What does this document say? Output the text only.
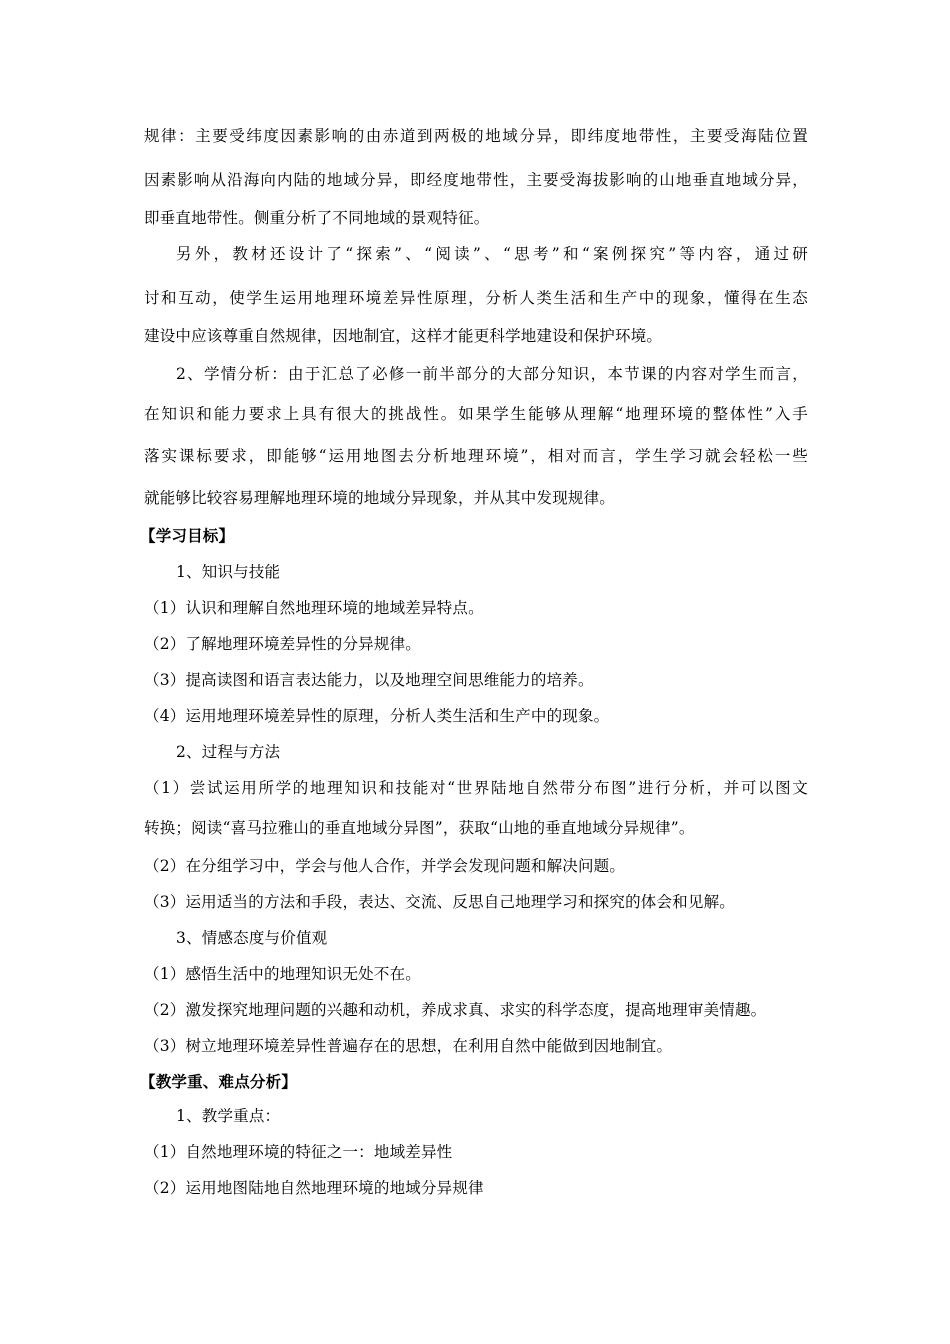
规律：主要受纬度因素影响的由赤道到两极的地域分异，即纬度地带性，主要受海陆位置
因素影响从沿海向内陆的地域分异，即经度地带性，主要受海拔影响的山地垂直地域分异，
即垂直地带性。侧重分析了不同地域的景观特征。
另外，教材还设计了“探索”、“阅读”、“思考”和“案例探究”等内容，通过研
讨和互动，使学生运用地理环境差异性原理，分析人类生活和生产中的现象，懂得在生态
建设中应该尊重自然规律，因地制宜，这样才能更科学地建设和保护环境。
2、学情分析：由于汇总了必修一前半部分的大部分知识，本节课的内容对学生而言，
在知识和能力要求上具有很大的挑战性。如果学生能够从理解“地理环境的整体性”入手
落实课标要求，即能够“运用地图去分析地理环境”，相对而言，学生学习就会轻松一些
就能够比较容易理解地理环境的地域分异现象，并从其中发现规律。
【学习目标】
1、知识与技能
（1）认识和理解自然地理环境的地域差异特点。
（2）了解地理环境差异性的分异规律。
（3）提高读图和语言表达能力，以及地理空间思维能力的培养。
（4）运用地理环境差异性的原理，分析人类生活和生产中的现象。
2、过程与方法
（1）尝试运用所学的地理知识和技能对“世界陆地自然带分布图”进行分析，并可以图文
转换；阅读“喜马拉雅山的垂直地域分异图”，获取“山地的垂直地域分异规律”。
（2）在分组学习中，学会与他人合作，并学会发现问题和解决问题。
（3）运用适当的方法和手段，表达、交流、反思自己地理学习和探究的体会和见解。
3、情感态度与价值观
（1）感悟生活中的地理知识无处不在。
（2）激发探究地理问题的兴趣和动机，养成求真、求实的科学态度，提高地理审美情趣。
（3）树立地理环境差异性普遍存在的思想，在利用自然中能做到因地制宜。
【教学重、难点分析】
1、教学重点：
（1）自然地理环境的特征之一：地域差异性
（2）运用地图陆地自然地理环境的地域分异规律
